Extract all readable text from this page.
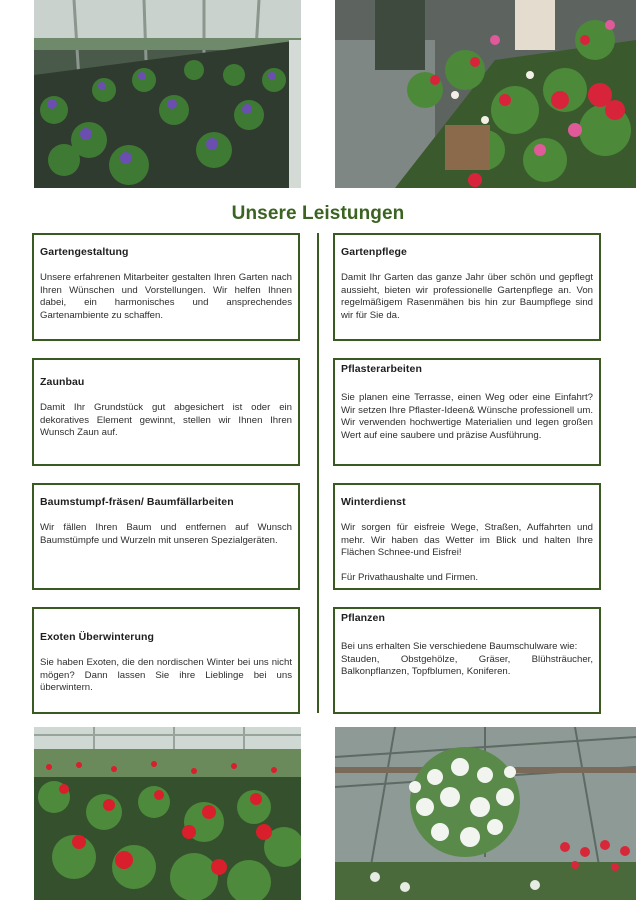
Unsere Leistungen
Gartengestaltung

Unsere erfahrenen Mitarbeiter gestalten Ihren Garten nach Ihren Wünschen und Vorstellungen. Wir helfen Ihnen dabei, ein harmonisches und ansprechendes Gartenambiente zu schaffen.

Gartenpflege

Damit Ihr Garten das ganze Jahr über schön und gepflegt aussieht, bieten wir professionelle Gartenpflege an. Von regelmäßigem Rasenmähen bis hin zur Baumpflege sind wir für Sie da.

Zaunbau

Damit Ihr Grundstück gut abgesichert ist oder ein dekoratives Element gewinnt, stellen wir Ihnen Ihren Wunsch Zaun auf.

Pflasterarbeiten

Sie planen eine Terrasse, einen Weg oder eine Einfahrt? Wir setzen Ihre Pflaster-Ideen& Wünsche professionell um. Wir verwenden hochwertige Materialien und legen großen Wert auf eine saubere und präzise Ausführung.

Baumstumpf-fräsen/ Baumfällarbeiten

Wir fällen Ihren Baum und entfernen auf Wunsch Baumstümpfe und Wurzeln mit unseren Spezialgeräten.

Winterdienst

Wir sorgen für eisfreie Wege, Straßen, Auffahrten und mehr. Wir haben das Wetter im Blick und halten Ihre Flächen Schnee-und Eisfrei!

Für Privathaushalte und Firmen.

Exoten Überwinterung

Sie haben Exoten, die den nordischen Winter bei uns nicht mögen? Dann lassen Sie ihre Lieblinge bei uns überwintern.

Pflanzen

Bei uns erhalten Sie verschiedene Baumschulware wie:

Stauden, Obstgehölze, Gräser, Blühsträucher, Balkonpflanzen, Topfblumen, Koniferen.
